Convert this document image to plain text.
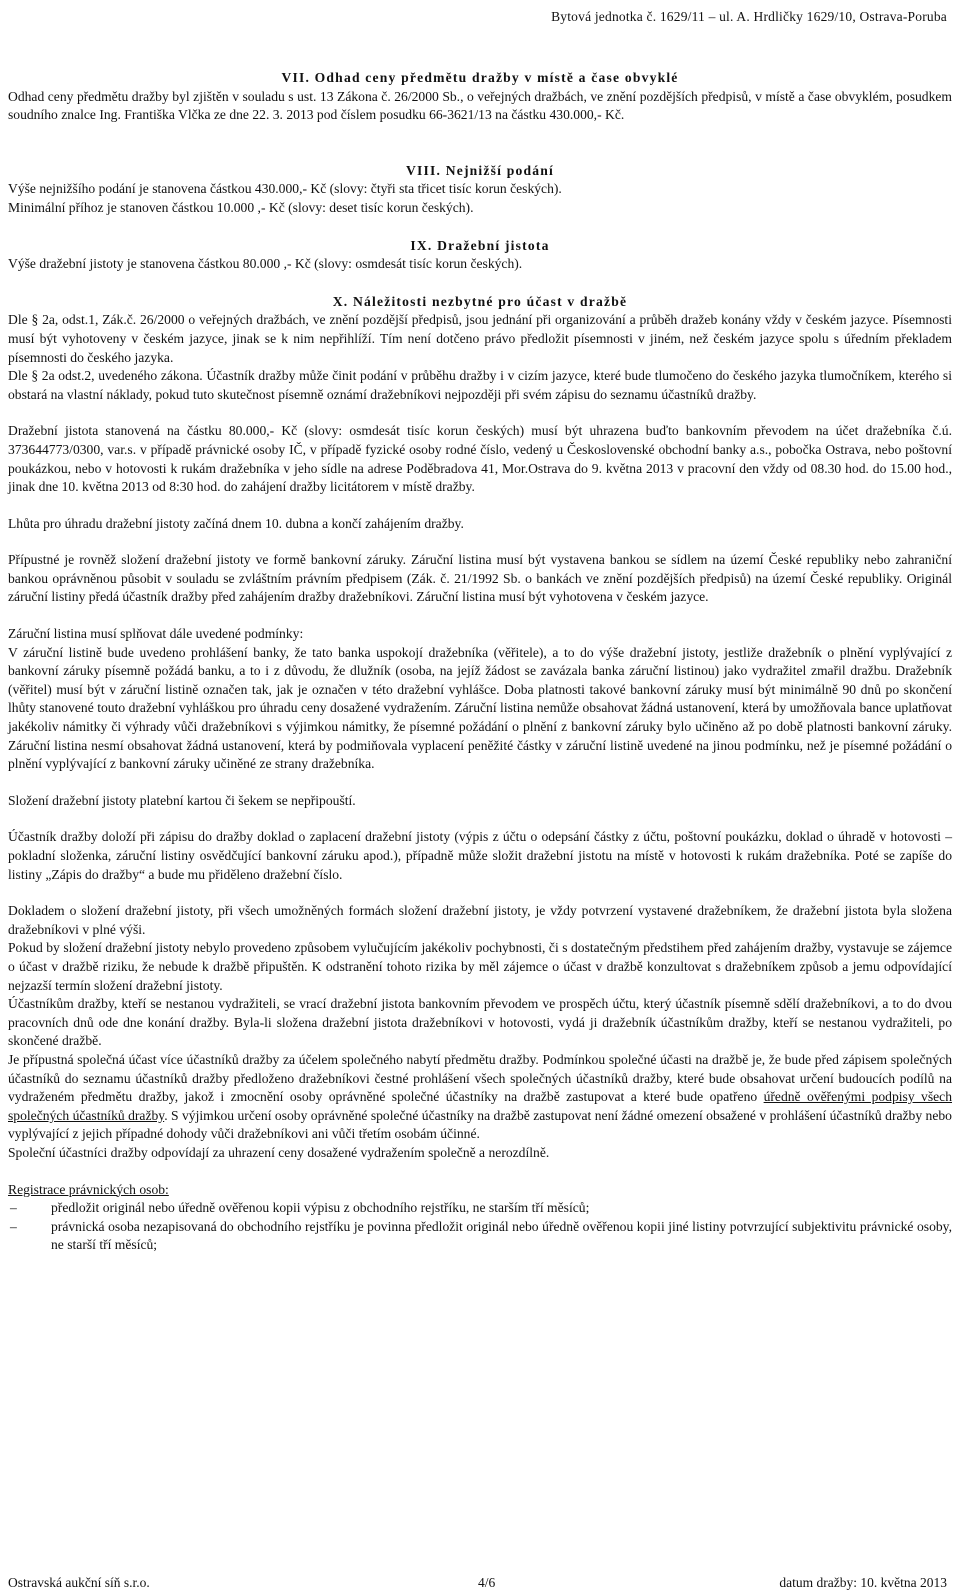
Bytová jednotka č. 1629/11 – ul. A. Hrdličky 1629/10, Ostrava-Poruba

VII. Odhad ceny předmětu dražby v místě a čase obvyklé

Odhad ceny předmětu dražby byl zjištěn v souladu s ust. 13 Zákona č. 26/2000 Sb., o veřejných dražbách, ve znění pozdějších předpisů, v místě a čase obvyklém, posudkem soudního znalce Ing. Františka Vlčka ze dne 22. 3. 2013 pod číslem posudku 66-3621/13 na částku 430.000,- Kč.

VIII. Nejnižší podání

Výše nejnižšího podání je stanovena částkou 430.000,- Kč (slovy: čtyři sta třicet tisíc korun českých).

Minimální příhoz je stanoven částkou 10.000 ,- Kč (slovy: deset tisíc korun českých).

IX. Dražební jistota

Výše dražební jistoty je stanovena částkou 80.000 ,- Kč (slovy: osmdesát tisíc korun českých).

X. Náležitosti nezbytné pro účast v dražbě

Dle § 2a, odst.1, Zák.č. 26/2000 o veřejných dražbách, ve znění pozdější předpisů, jsou jednání při organizování a průběh dražeb konány vždy v českém jazyce. Písemnosti musí být vyhotoveny v českém jazyce, jinak se k nim nepřihlíží. Tím není dotčeno právo předložit písemnosti v jiném, než českém jazyce spolu s úředním překladem písemnosti do českého jazyka.

Dle § 2a odst.2, uvedeného zákona. Účastník dražby může činit podání v průběhu dražby i v cizím jazyce, které bude tlumočeno do českého jazyka tlumočníkem, kterého si obstará na vlastní náklady, pokud tuto skutečnost písemně oznámí dražebníkovi nejpozději při svém zápisu do seznamu účastníků dražby.

Dražební jistota stanovená na částku 80.000,- Kč (slovy: osmdesát tisíc korun českých) musí být uhrazena buďto bankovním převodem na účet dražebníka č.ú. 373644773/0300, var.s. v případě právnické osoby IČ, v případě fyzické osoby rodné číslo, vedený u Československé obchodní banky a.s., pobočka Ostrava, nebo poštovní poukázkou, nebo v hotovosti k rukám dražebníka v jeho sídle na adrese Poděbradova 41, Mor.Ostrava do 9. května 2013 v pracovní den vždy od 08.30 hod. do 15.00 hod., jinak dne 10. května 2013 od 8:30 hod. do zahájení dražby licitátorem v místě dražby.

Lhůta pro úhradu dražební jistoty začíná dnem 10. dubna a končí zahájením dražby.

Přípustné je rovněž složení dražební jistoty ve formě bankovní záruky. Záruční listina musí být vystavena bankou se sídlem na území České republiky nebo zahraniční bankou oprávněnou působit v souladu se zvláštním právním předpisem (Zák. č. 21/1992 Sb. o bankách ve znění pozdějších předpisů) na území České republiky. Originál záruční listiny předá účastník dražby před zahájením dražby dražebníkovi. Záruční listina musí být vyhotovena v českém jazyce.

Záruční listina musí splňovat dále uvedené podmínky:

V záruční listině bude uvedeno prohlášení banky, že tato banka uspokojí dražebníka (věřitele), a to do výše dražební jistoty, jestliže dražebník o plnění vyplývající z bankovní záruky písemně požádá banku, a to i z důvodu, že dlužník (osoba, na jejíž žádost se zavázala banka záruční listinou) jako vydražitel zmařil dražbu. Dražebník (věřitel) musí být v záruční listině označen tak, jak je označen v této dražební vyhlášce. Doba platnosti takové bankovní záruky musí být minimálně 90 dnů po skončení lhůty stanovené touto dražební vyhláškou pro úhradu ceny dosažené vydražením. Záruční listina nemůže obsahovat žádná ustanovení, která by umožňovala bance uplatňovat jakékoliv námitky či výhrady vůči dražebníkovi s výjimkou námitky, že písemné požádání o plnění z bankovní záruky bylo učiněno až po době platnosti bankovní záruky. Záruční listina nesmí obsahovat žádná ustanovení, která by podmiňovala vyplacení peněžité částky v záruční listině uvedené na jinou podmínku, než je písemné požádání o plnění vyplývající z bankovní záruky učiněné ze strany dražebníka.

Složení dražební jistoty platební kartou či šekem se nepřipouští.

Účastník dražby doloží při zápisu do dražby doklad o zaplacení dražební jistoty (výpis z účtu o odepsání částky z účtu, poštovní poukázku, doklad o úhradě v hotovosti – pokladní složenka, záruční listiny osvědčující bankovní záruku apod.), případně může složit dražební jistotu na místě v hotovosti k rukám dražebníka. Poté se zapíše do listiny „Zápis do dražby“ a bude mu přiděleno dražební číslo.

Dokladem o složení dražební jistoty, při všech umožněných formách složení dražební jistoty, je vždy potvrzení vystavené dražebníkem, že dražební jistota byla složena dražebníkovi v plné výši.

Pokud by složení dražební jistoty nebylo provedeno způsobem vylučujícím jakékoliv pochybnosti, či s dostatečným předstihem před zahájením dražby, vystavuje se zájemce o účast v dražbě riziku, že nebude k dražbě připuštěn. K odstranění tohoto rizika by měl zájemce o účast v dražbě konzultovat s dražebníkem způsob a jemu odpovídající nejzazší termín složení dražební jistoty.

Účastníkům dražby, kteří se nestanou vydražiteli, se vrací dražební jistota bankovním převodem ve prospěch účtu, který účastník písemně sdělí dražebníkovi, a to do dvou pracovních dnů ode dne konání dražby. Byla-li složena dražební jistota dražebníkovi v hotovosti, vydá ji dražebník účastníkům dražby, kteří se nestanou vydražiteli, po skončené dražbě.

Je přípustná společná účast více účastníků dražby za účelem společného nabytí předmětu dražby. Podmínkou společné účasti na dražbě je, že bude před zápisem společných účastníků do seznamu účastníků dražby předloženo dražebníkovi čestné prohlášení všech společných účastníků dražby, které bude obsahovat určení budoucích podílů na vydraženém předmětu dražby, jakož i zmocnění osoby oprávněné společné účastníky na dražbě zastupovat a které bude opatřeno úředně ověřenými podpisy všech společných účastníků dražby. S výjimkou určení osoby oprávněné společné účastníky na dražbě zastupovat není žádné omezení obsažené v prohlášení účastníků dražby nebo vyplývající z jejich případné dohody vůči dražebníkovi ani vůči třetím osobám účinné.

Společní účastníci dražby odpovídají za uhrazení ceny dosažené vydražením společně a nerozdílně.

Registrace právnických osob:

–	předložit originál nebo úředně ověřenou kopii výpisu z obchodního rejstříku, ne starším tří měsíců;
–	právnická osoba nezapisovaná do obchodního rejstříku je povinna předložit originál nebo úředně ověřenou kopii jiné listiny potvrzující subjektivitu právnické osoby, ne starší tří měsíců;
Ostravská aukční síň s.r.o.	4/6	datum dražby: 10. května 2013
